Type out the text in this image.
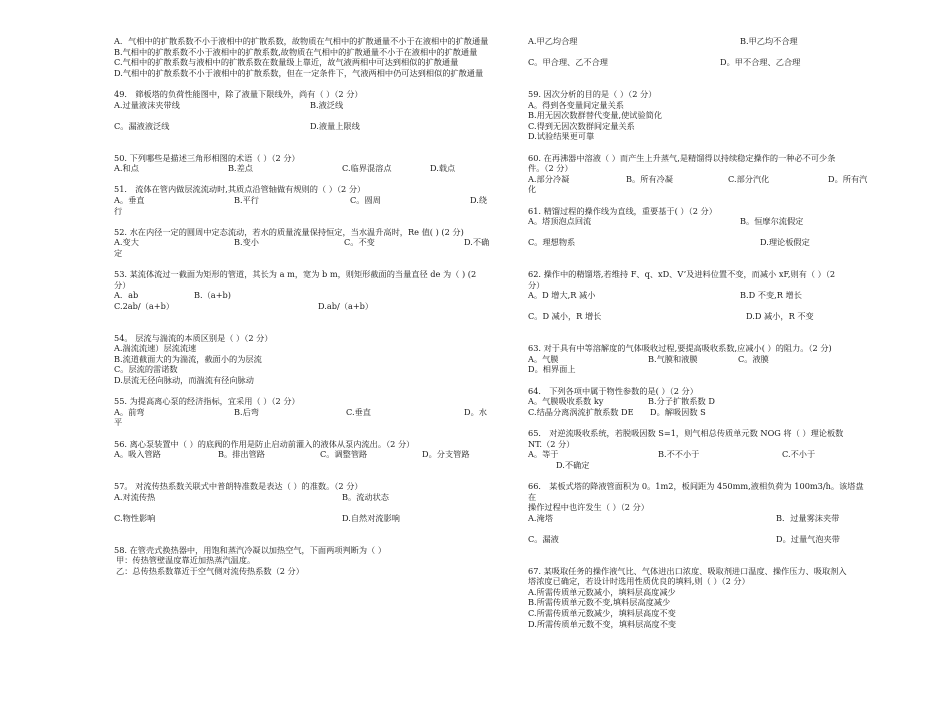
A．气相中的扩散系数不小于液相中的扩散系数，故物质在气相中的扩散通量不小于在液相中的扩散通量

B.气相中的扩散系数不小于液相中的扩散系数,故物质在气相中的扩散通量不小于在液相中的扩散通量

C.气相中的扩散系数与液相中的扩散系数在数量级上靠近，故气液两相中可达到相似的扩散通量

D.气相中的扩散系数不小于液相中的扩散系数，但在一定条件下，气液两相中仍可达到相似的扩散通量

49． 筛板塔的负荷性能图中，除了液量下限线外，尚有（ ）（2 分）

A.过量液沫夹带线	B.液泛线
C。漏液液泛线	D.液量上限线

50. 下列哪些是描述三角形相图的术语（ ）（2 分）

A.和点	B.差点	C.临界混溶点	D.载点

51． 流体在管内做层流流动时,其质点沿管轴做有规则的（ ）（2 分）

A。垂直	B.平行	C。圆周	D.绕

行

52. 水在内径一定的圆周中定态流动，若水的质量流量保持恒定，当水温升高时，Re 值( ) (2 分)

A.变大	B.变小	C。不变	D.不确

定

53. 某流体流过一截面为矩形的管道，其长为 a m，宽为 b m，则矩形截面的当量直径 de 为（ ) (2

分）

A．ab	B.（a+b)
C.2ab/（a+b）	D.ab/（a+b）

54。 层流与湍流的本质区别是（ ）（2 分）

A.湍流流速）层流流速

B.流道截面大的为湍流，截面小的为层流

C。层流的雷诺数

D.层流无径向脉动，而湍流有径向脉动

55. 为提高离心泵的经济指标，宜采用（ ）（2 分）

A。前弯	B.后弯	C.垂直	D。水

平

56. 离心泵装置中（ ）的底阀的作用是防止启动前灌入的液体从泵内流出。（2 分）

A。吸入管路	B。排出管路	C。调整管路	D。分支管路

57。 对流传热系数关联式中普朗特准数是表达（ ）的准数。（2 分）

A.对流传热	B。流动状态
C.物性影响	D.自然对流影响

58. 在管壳式换热器中，用饱和蒸汽冷凝以加热空气，下面两项判断为（ ）

甲：传热管壁温度靠近加热蒸汽温度。

乙：总传热系数靠近于空气侧对流传热系数（2 分）

A.甲乙均合理	B.甲乙均不合理
C。甲合理、乙不合理	D。甲不合理、乙合理

59. 因次分析的目的是（ ）（2 分）

A。得到各变量间定量关系

B.用无因次数群替代变量,使试验简化

C.得到无因次数群间定量关系

D.试验结果更可靠

60. 在再沸器中溶液（ ）而产生上升蒸气,是精馏得以持续稳定操作的一种必不可少条

件。（2 分）

A.部分冷凝	B。所有冷凝	C.部分汽化	D。所有汽

化

61. 精馏过程的操作线为直线，重要基于( ）（2 分）

A。塔顶泡点回流	B。恒摩尔流假定
C。理想物系	D.理论板假定

62. 操作中的精馏塔,若维持 F、q、xD、V’及进料位置不变，而减小 xF,则有（ ）（2

分）

A。D 增大,R 减小	B.D 不变,R 增长
C。D 减小，R 增长	D.D 减小，R 不变

63. 对于具有中等溶解度的气体吸收过程,要提高吸收系数,应减小( ）的阻力。（2 分)

A。气膜	B.气膜和液膜	C。液膜

D。相界面上

64． 下列各项中属于物性参数的是( ）（2 分）

A。气膜吸收系数 ky	B.分子扩散系数 D
C.结晶分离涡流扩散系数 DE D。解吸因数 S

65． 对逆流吸收系统，若脱吸因数 S=1，则气相总传质单元数 NOG 将（ ）理论板数

NT.（2 分）

A。等于	B.不不小于	C.不小于

D.不确定

66． 某板式塔的降液管面积为 0。1m2，板间距为 450mm,液相负荷为 100m3/h。该塔盘在

操作过程中也许发生（ ）（2 分）

A.淹塔	B．过量雾沫夹带
C。漏液	D。过量气泡夹带

67. 某吸取任务的操作液气比、气体进出口浓度、吸取剂进口温度、操作压力、吸取剂入

塔浓度已确定，若设计时选用性质优良的填料,则（ ）（2 分）

A.所需传质单元数减小，填料层高度减少

B.所需传质单元数不变,填料层高度减少

C.所需传质单元数减少，填料层高度不变

D.所需传质单元数不变，填料层高度不变
